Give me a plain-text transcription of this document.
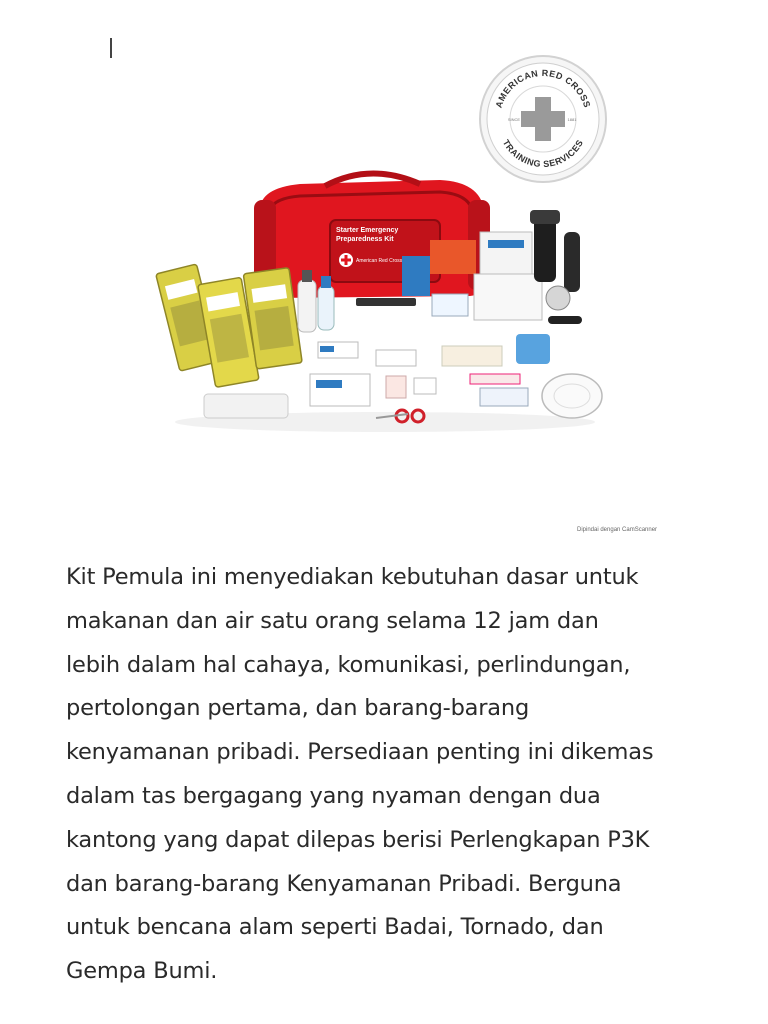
AMERICAN RED CROSS
TRAINING SERVICES
SINCE	1881
Starter Emergency
Preparedness Kit
American Red Cross
Dipindai dengan CamScanner
Kit Pemula ini menyediakan kebutuhan dasar untuk
makanan dan air satu orang selama 12 jam dan
lebih dalam hal cahaya, komunikasi, perlindungan,
pertolongan pertama, dan barang-barang
kenyamanan pribadi. Persediaan penting ini dikemas
dalam tas bergagang yang nyaman dengan dua
kantong yang dapat dilepas berisi Perlengkapan P3K
dan barang-barang Kenyamanan Pribadi. Berguna
untuk bencana alam seperti Badai, Tornado, dan
Gempa Bumi.
